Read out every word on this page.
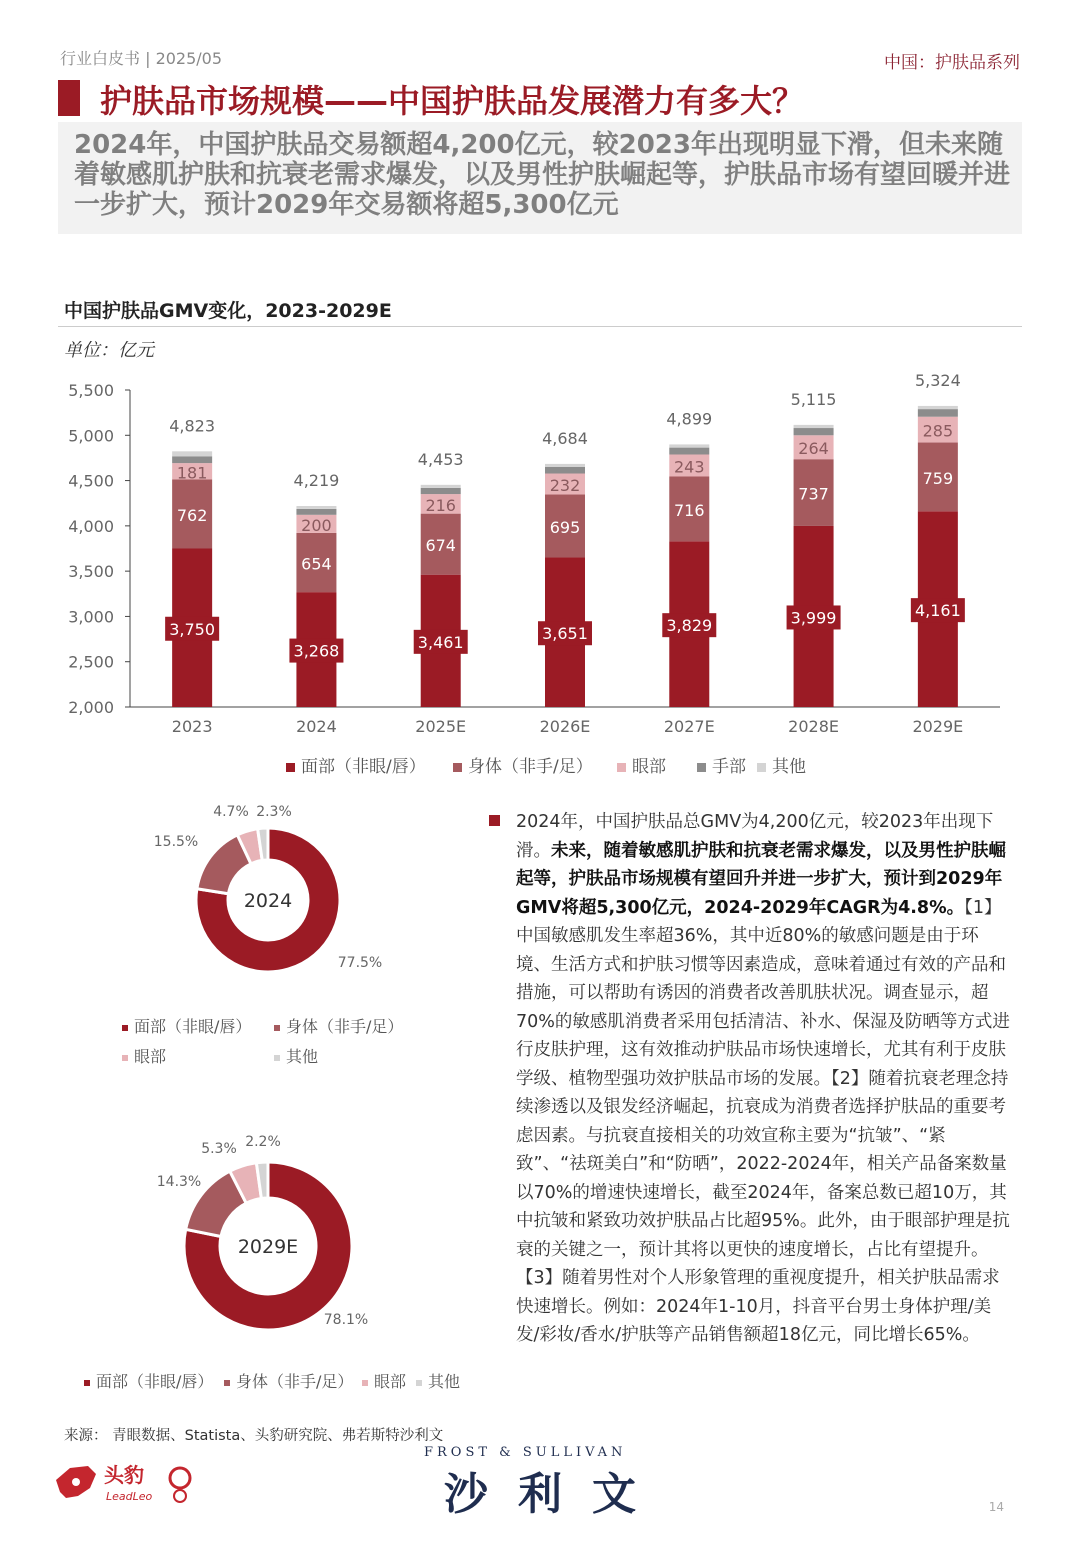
行业白皮书 | 2025/05	中国：护肤品系列
护肤品市场规模——中国护肤品发展潜力有多大？
2024年，中国护肤品交易额超4,200亿元，较2023年出现明显下滑，但未来随着敏感肌护肤和抗衰老需求爆发，以及男性护肤崛起等，护肤品市场有望回暖并进一步扩大，预计2029年交易额将超5,300亿元
中国护肤品GMV变化，2023-2029E
单位：亿元
2,000
2,500
3,000
3,500
4,000
4,500
5,000
5,500
3,750
762
181
4,823
2023
3,268
654
200
4,219
2024
3,461
674
216
4,453
2025E
3,651
695
232
4,684
2026E
3,829
716
243
4,899
2027E
3,999
737
264
5,115
2028E
4,161
759
285
5,324
2029E
面部（非眼/唇）	身体（非手/足）	眼部	手部	其他
77.5%
15.5%
4.7% 2.3%
2024
面部（非眼/唇）	身体（非手/足）
眼部	其他
78.1%
14.3%
5.3% 2.2%
2029E
面部（非眼/唇）	身体（非手/足）	眼部	其他
2024年，中国护肤品总GMV为4,200亿元，较2023年出现下滑。未来，随着敏感肌护肤和抗衰老需求爆发，以及男性护肤崛起等，护肤品市场规模有望回升并进一步扩大，预计到2029年GMV将超5,300亿元，2024-2029年CAGR为4.8%。【1】中国敏感肌发生率超36%，其中近80%的敏感问题是由于环境、生活方式和护肤习惯等因素造成，意味着通过有效的产品和措施，可以帮助有诱因的消费者改善肌肤状况。调查显示，超70%的敏感肌消费者采用包括清洁、补水、保湿及防晒等方式进行皮肤护理，这有效推动护肤品市场快速增长，尤其有利于皮肤学级、植物型强功效护肤品市场的发展。【2】随着抗衰老理念持续渗透以及银发经济崛起，抗衰成为消费者选择护肤品的重要考虑因素。与抗衰直接相关的功效宣称主要为“抗皱”、“紧致”、“祛斑美白”和“防晒”，2022-2024年，相关产品备案数量以70%的增速快速增长，截至2024年，备案总数已超10万，其中抗皱和紧致功效护肤品占比超95%。此外，由于眼部护理是抗衰的关键之一，预计其将以更快的速度增长，占比有望提升。【3】随着男性对个人形象管理的重视度提升，相关护肤品需求快速增长。例如：2024年1-10月，抖音平台男士身体护理/美发/彩妆/香水/护肤等产品销售额超18亿元，同比增长65%。
来源： 青眼数据、Statista、头豹研究院、弗若斯特沙利文
头豹
LeadLeo
FROST & SULLIVAN
沙利文	14
